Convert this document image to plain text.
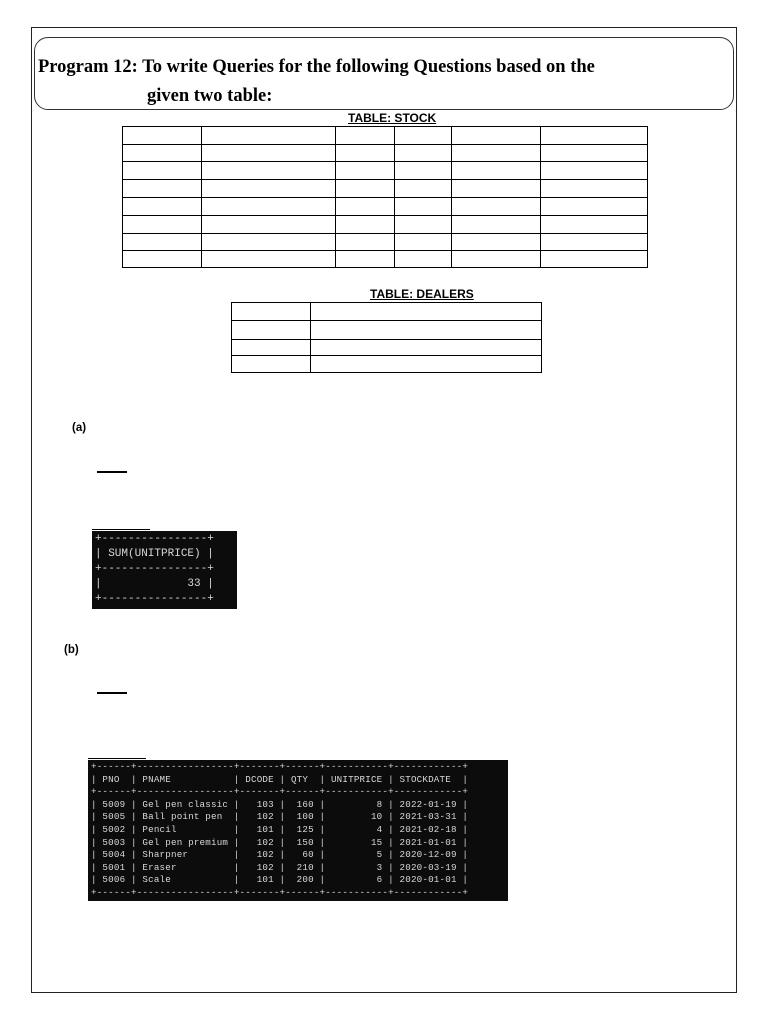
Program 12: To write Queries for the following Questions based on the
given two table:
TABLE: STOCK

TABLE: DEALERS

(a)
+----------------+
| SUM(UNITPRICE) |
+----------------+
|             33 |
+----------------+
(b)
+------+-----------------+-------+------+-----------+------------+
| PNO  | PNAME           | DCODE | QTY  | UNITPRICE | STOCKDATE  |
+------+-----------------+-------+------+-----------+------------+
| 5009 | Gel pen classic |   103 |  160 |         8 | 2022-01-19 |
| 5005 | Ball point pen  |   102 |  100 |        10 | 2021-03-31 |
| 5002 | Pencil          |   101 |  125 |         4 | 2021-02-18 |
| 5003 | Gel pen premium |   102 |  150 |        15 | 2021-01-01 |
| 5004 | Sharpner        |   102 |   60 |         5 | 2020-12-09 |
| 5001 | Eraser          |   102 |  210 |         3 | 2020-03-19 |
| 5006 | Scale           |   101 |  200 |         6 | 2020-01-01 |
+------+-----------------+-------+------+-----------+------------+
